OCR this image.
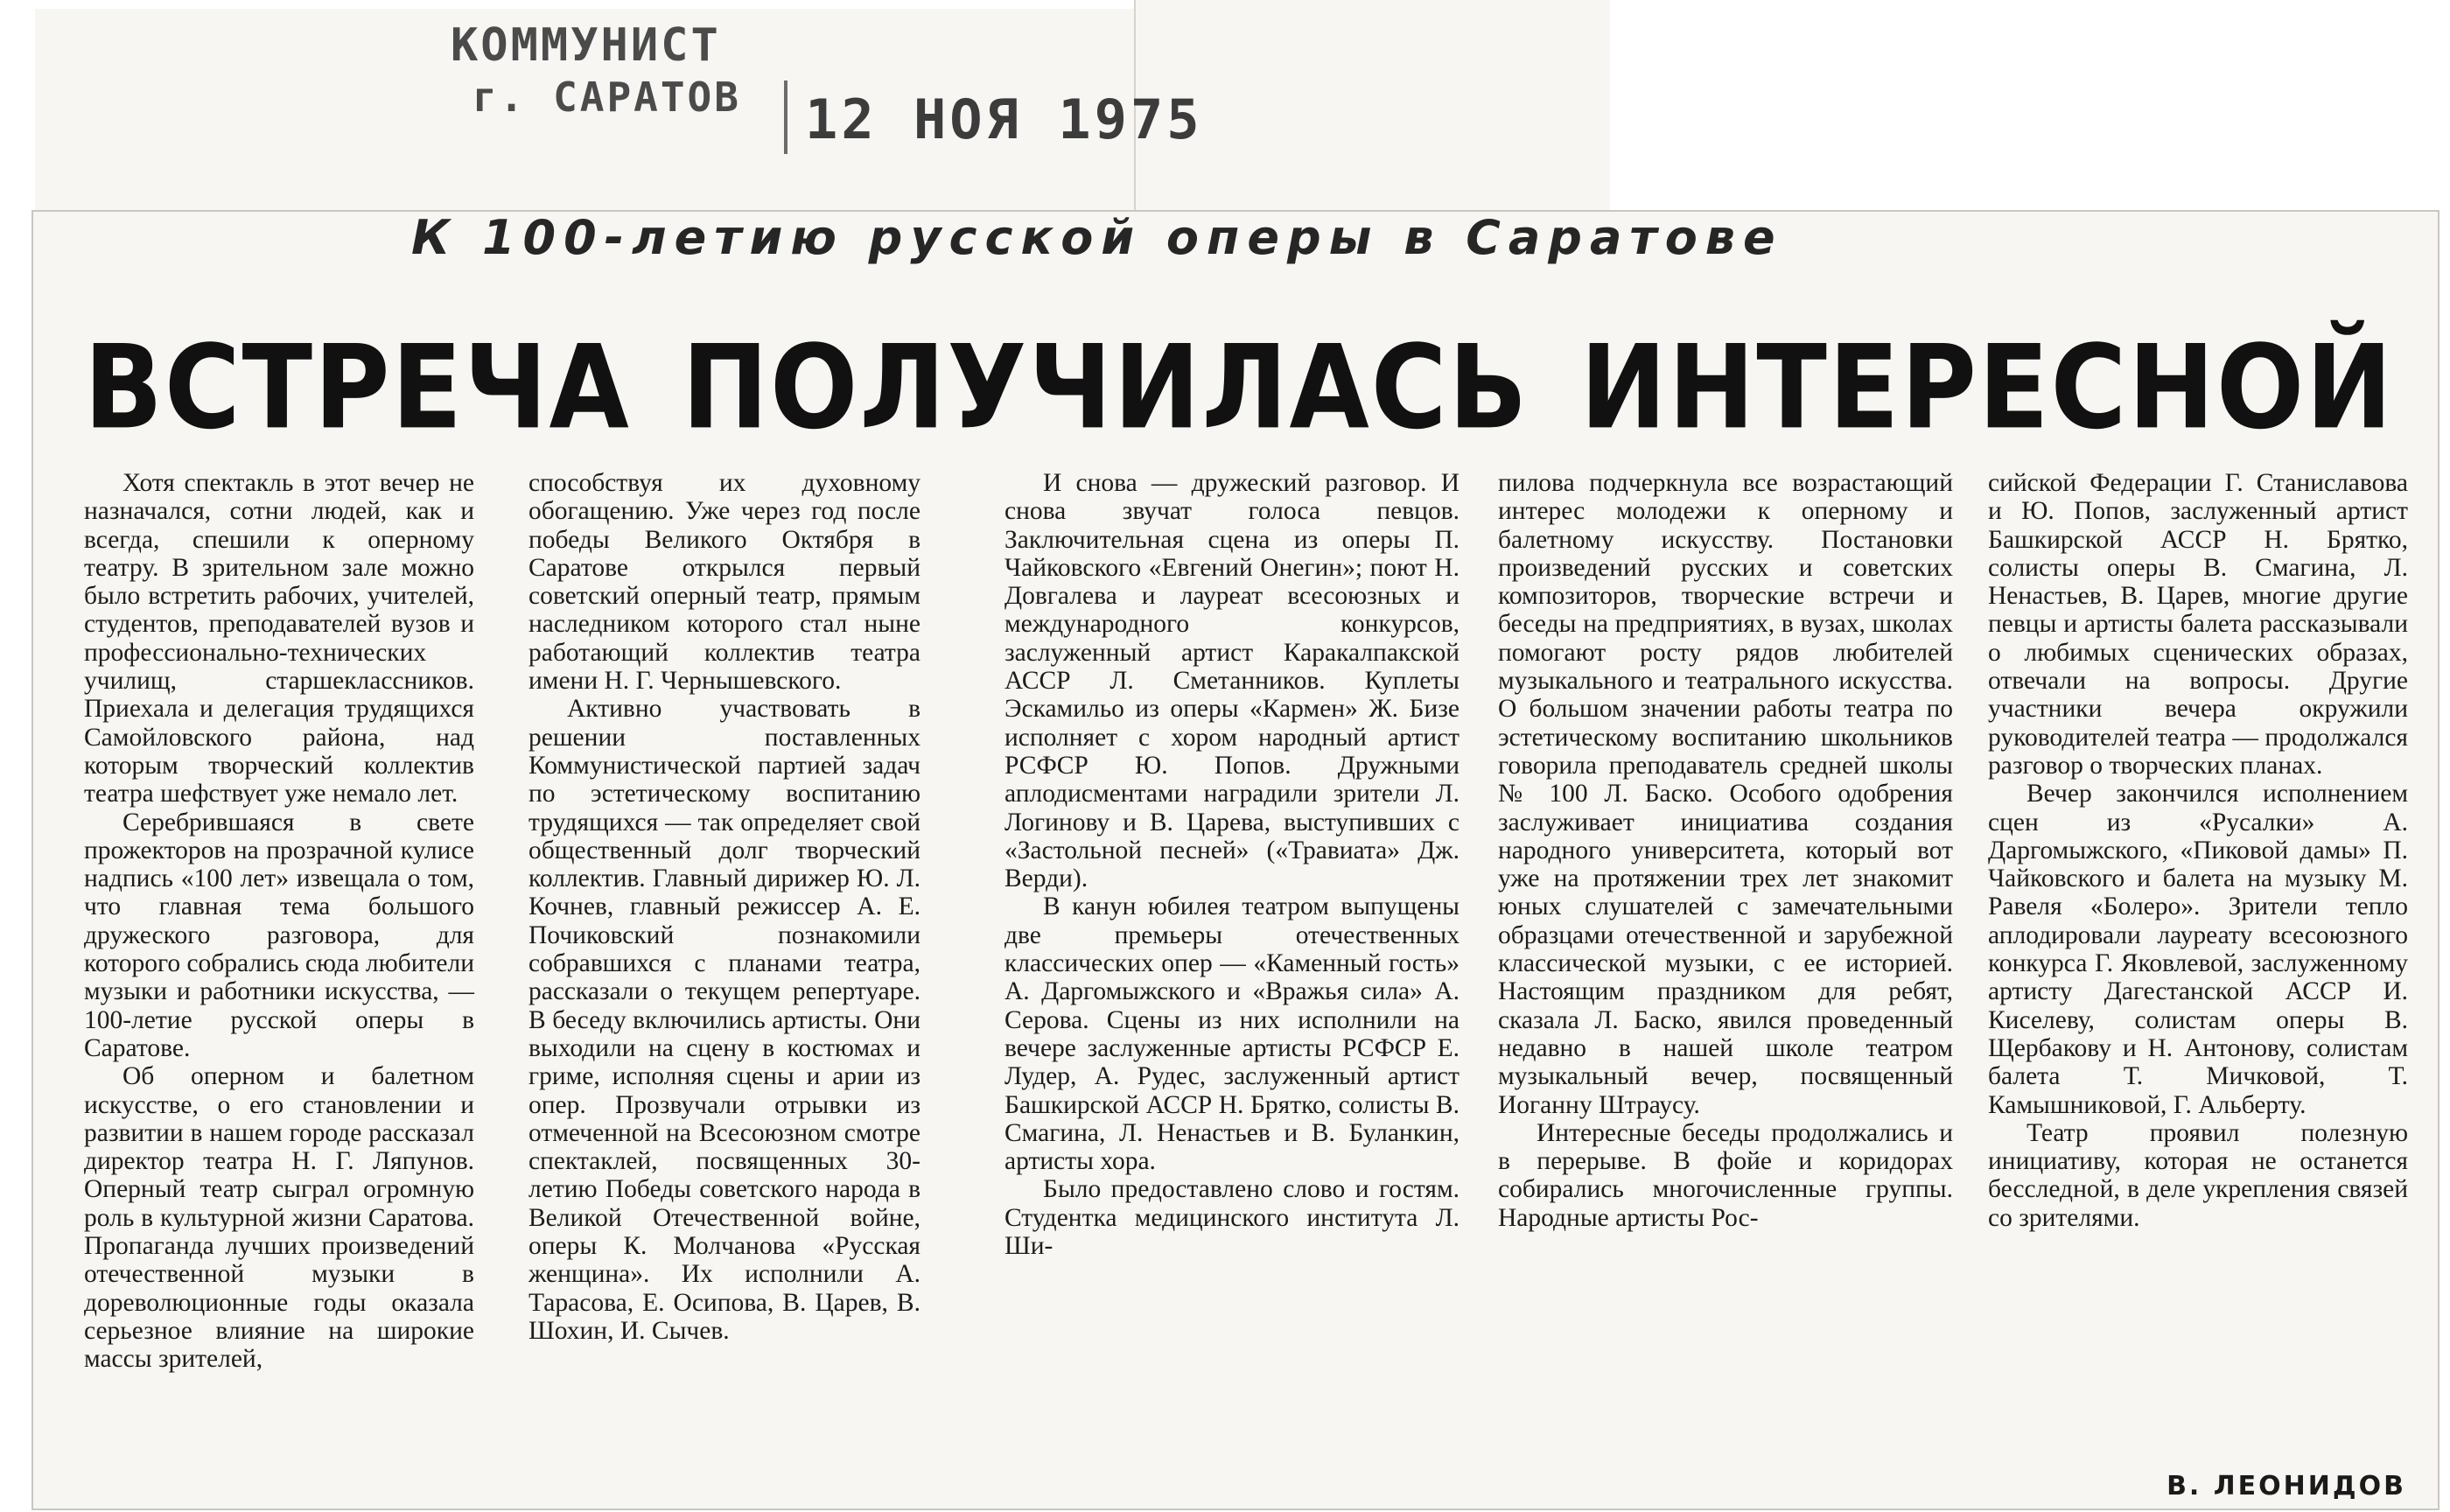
КОММУНИСТ
г. САРАТОВ 12 НОЯ 1975
К 100-летию русской оперы в Саратове
ВСТРЕЧА ПОЛУЧИЛАСЬ ИНТЕРЕСНОЙ

Хотя спектакль в этот вечер не назначался, сотни людей, как и всегда, спешили к оперному театру. В зрительном зале можно было встретить рабочих, учителей, студентов, преподавателей вузов и профессионально-технических училищ, старшеклассников. Приехала и делегация трудящихся Самойловского района, над которым творческий коллектив театра шефствует уже немало лет.

Серебрившаяся в свете прожекторов на прозрачной кулисе надпись «100 лет» извещала о том, что главная тема большого дружеского разговора, для которого собрались сюда любители музыки и работники искусства, — 100-летие русской оперы в Саратове.

Об оперном и балетном искусстве, о его становлении и развитии в нашем городе рассказал директор театра Н. Г. Ляпунов. Оперный театр сыграл огромную роль в культурной жизни Саратова. Пропаганда лучших произведений отечественной музыки в дореволюционные годы оказала серьезное влияние на широкие массы зрителей,

способствуя их духовному обогащению. Уже через год после победы Великого Октября в Саратове открылся первый советский оперный театр, прямым наследником которого стал ныне работающий коллектив театра имени Н. Г. Чернышевского.

Активно участвовать в решении поставленных Коммунистической партией задач по эстетическому воспитанию трудящихся — так определяет свой общественный долг творческий коллектив. Главный дирижер Ю. Л. Кочнев, главный режиссер А. Е. Почиковский познакомили собравшихся с планами театра, рассказали о текущем репертуаре. В беседу включились артисты. Они выходили на сцену в костюмах и гриме, исполняя сцены и арии из опер. Прозвучали отрывки из отмеченной на Всесоюзном смотре спектаклей, посвященных 30-летию Победы советского народа в Великой Отечественной войне, оперы К. Молчанова «Русская женщина». Их исполнили А. Тарасова, Е. Осипова, В. Царев, В. Шохин, И. Сычев.

И снова — дружеский разговор. И снова звучат голоса певцов. Заключительная сцена из оперы П. Чайковского «Евгений Онегин»; поют Н. Довгалева и лауреат всесоюзных и международного конкурсов, заслуженный артист Каракалпакской АССР Л. Сметанников. Куплеты Эскамильо из оперы «Кармен» Ж. Бизе исполняет с хором народный артист РСФСР Ю. Попов. Дружными аплодисментами наградили зрители Л. Логинову и В. Царева, выступивших с «Застольной песней» («Травиата» Дж. Верди).

В канун юбилея театром выпущены две премьеры отечественных классических опер — «Каменный гость» А. Даргомыжского и «Вражья сила» А. Серова. Сцены из них исполнили на вечере заслуженные артисты РСФСР Е. Лудер, А. Рудес, заслуженный артист Башкирской АССР Н. Брятко, солисты В. Смагина, Л. Ненастьев и В. Буланкин, артисты хора.

Было предоставлено слово и гостям. Студентка медицинского института Л. Ши-

пилова подчеркнула все возрастающий интерес молодежи к оперному и балетному искусству. Постановки произведений русских и советских композиторов, творческие встречи и беседы на предприятиях, в вузах, школах помогают росту рядов любителей музыкального и театрального искусства. О большом значении работы театра по эстетическому воспитанию школьников говорила преподаватель средней школы № 100 Л. Баско. Особого одобрения заслуживает инициатива создания народного университета, который вот уже на протяжении трех лет знакомит юных слушателей с замечательными образцами отечественной и зарубежной классической музыки, с ее историей. Настоящим праздником для ребят, сказала Л. Баско, явился проведенный недавно в нашей школе театром музыкальный вечер, посвященный Иоганну Штраусу.

Интересные беседы продолжались и в перерыве. В фойе и коридорах собирались многочисленные группы. Народные артисты Рос-

сийской Федерации Г. Станиславова и Ю. Попов, заслуженный артист Башкирской АССР Н. Брятко, солисты оперы В. Смагина, Л. Ненастьев, В. Царев, многие другие певцы и артисты балета рассказывали о любимых сценических образах, отвечали на вопросы. Другие участники вечера окружили руководителей театра — продолжался разговор о творческих планах.

Вечер закончился исполнением сцен из «Русалки» А. Даргомыжского, «Пиковой дамы» П. Чайковского и балета на музыку М. Равеля «Болеро». Зрители тепло аплодировали лауреату всесоюзного конкурса Г. Яковлевой, заслуженному артисту Дагестанской АССР И. Киселеву, солистам оперы В. Щербакову и Н. Антонову, солистам балета Т. Мичковой, Т. Камышниковой, Г. Альберту.

Театр проявил полезную инициативу, которая не останется бесследной, в деле укрепления связей со зрителями.

В. ЛЕОНИДОВ
